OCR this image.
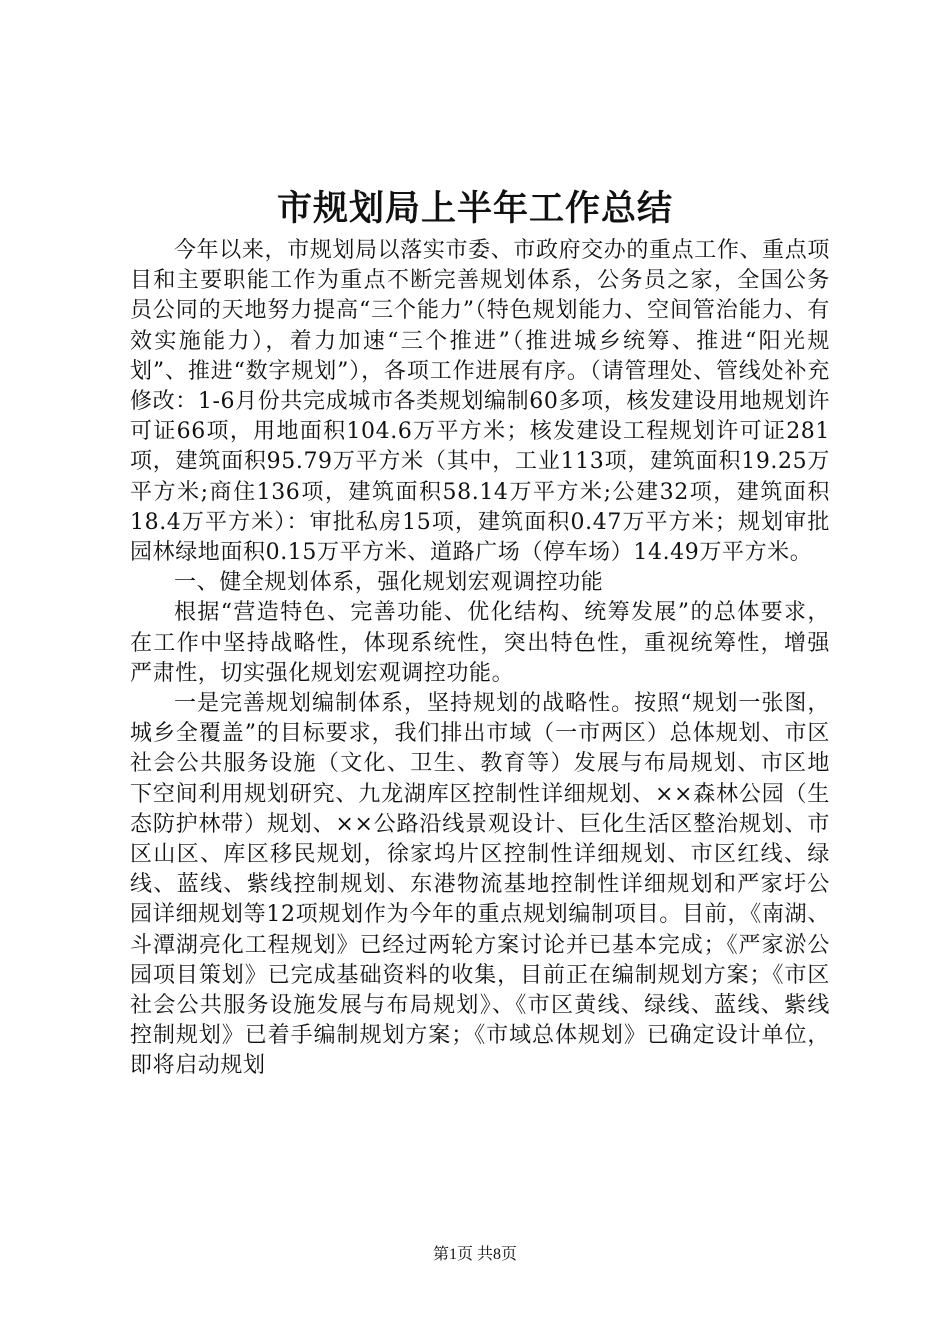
市规划局上半年工作总结

今年以来，市规划局以落实市委、市政府交办的重点工作、重点项目和主要职能工作为重点不断完善规划体系，公务员之家，全国公务员公同的天地努力提高“三个能力”（特色规划能力、空间管治能力、有效实施能力），着力加速“三个推进”（推进城乡统筹、推进“阳光规划”、推进“数字规划”），各项工作进展有序。（请管理处、管线处补充修改：1-6月份共完成城市各类规划编制60多项，核发建设用地规划许可证66项，用地面积104.6万平方米；核发建设工程规划许可证281项，建筑面积95.79万平方米（其中，工业113项，建筑面积19.25万平方米;商住136项，建筑面积58.14万平方米;公建32项，建筑面积18.4万平方米）：审批私房15项，建筑面积0.47万平方米；规划审批园林绿地面积0.15万平方米、道路广场（停车场）14.49万平方米。

一、健全规划体系，强化规划宏观调控功能

根据“营造特色、完善功能、优化结构、统筹发展”的总体要求，在工作中坚持战略性，体现系统性，突出特色性，重视统筹性，增强严肃性，切实强化规划宏观调控功能。

一是完善规划编制体系，坚持规划的战略性。按照“规划一张图，城乡全覆盖”的目标要求，我们排出市域（一市两区）总体规划、市区社会公共服务设施（文化、卫生、教育等）发展与布局规划、市区地下空间利用规划研究、九龙湖库区控制性详细规划、××森林公园（生态防护林带）规划、××公路沿线景观设计、巨化生活区整治规划、市区山区、库区移民规划，徐家坞片区控制性详细规划、市区红线、绿线、蓝线、紫线控制规划、东港物流基地控制性详细规划和严家圩公园详细规划等12项规划作为今年的重点规划编制项目。目前，《南湖、斗潭湖亮化工程规划》已经过两轮方案讨论并已基本完成；《严家淤公园项目策划》已完成基础资料的收集，目前正在编制规划方案；《市区社会公共服务设施发展与布局规划》、《市区黄线、绿线、蓝线、紫线控制规划》已着手编制规划方案；《市域总体规划》已确定设计单位，即将启动规划

第1页 共8页
